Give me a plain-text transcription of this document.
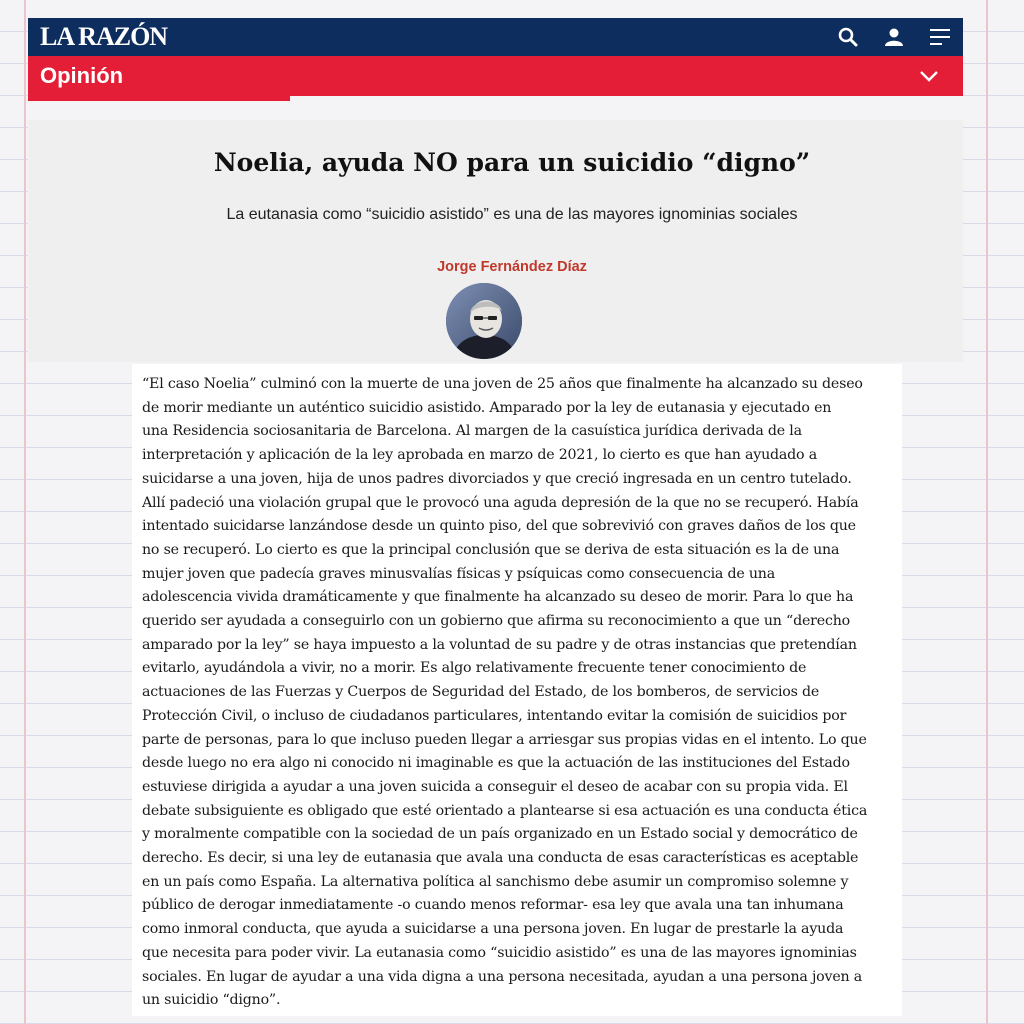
LA RAZÓN
Opinión
Noelia, ayuda NO para un suicidio “digno”
La eutanasia como “suicidio asistido” es una de las mayores ignominias sociales
Jorge Fernández Díaz
“El caso Noelia” culminó con la muerte de una joven de 25 años que finalmente ha alcanzado su deseo
de morir mediante un auténtico suicidio asistido. Amparado por la ley de eutanasia y ejecutado en
una Residencia sociosanitaria de Barcelona. Al margen de la casuística jurídica derivada de la
interpretación y aplicación de la ley aprobada en marzo de 2021, lo cierto es que han ayudado a
suicidarse a una joven, hija de unos padres divorciados y que creció ingresada en un centro tutelado.
Allí padeció una violación grupal que le provocó una aguda depresión de la que no se recuperó. Había
intentado suicidarse lanzándose desde un quinto piso, del que sobrevivió con graves daños de los que
no se recuperó. Lo cierto es que la principal conclusión que se deriva de esta situación es la de una
mujer joven que padecía graves minusvalías físicas y psíquicas como consecuencia de una
adolescencia vivida dramáticamente y que finalmente ha alcanzado su deseo de morir. Para lo que ha
querido ser ayudada a conseguirlo con un gobierno que afirma su reconocimiento a que un “derecho
amparado por la ley” se haya impuesto a la voluntad de su padre y de otras instancias que pretendían
evitarlo, ayudándola a vivir, no a morir. Es algo relativamente frecuente tener conocimiento de
actuaciones de las Fuerzas y Cuerpos de Seguridad del Estado, de los bomberos, de servicios de
Protección Civil, o incluso de ciudadanos particulares, intentando evitar la comisión de suicidios por
parte de personas, para lo que incluso pueden llegar a arriesgar sus propias vidas en el intento. Lo que
desde luego no era algo ni conocido ni imaginable es que la actuación de las instituciones del Estado
estuviese dirigida a ayudar a una joven suicida a conseguir el deseo de acabar con su propia vida. El
debate subsiguiente es obligado que esté orientado a plantearse si esa actuación es una conducta ética
y moralmente compatible con la sociedad de un país organizado en un Estado social y democrático de
derecho. Es decir, si una ley de eutanasia que avala una conducta de esas características es aceptable
en un país como España. La alternativa política al sanchismo debe asumir un compromiso solemne y
público de derogar inmediatamente -o cuando menos reformar- esa ley que avala una tan inhumana
como inmoral conducta, que ayuda a suicidarse a una persona joven. En lugar de prestarle la ayuda
que necesita para poder vivir. La eutanasia como “suicidio asistido” es una de las mayores ignominias
sociales. En lugar de ayudar a una vida digna a una persona necesitada, ayudan a una persona joven a
un suicidio “digno”.
